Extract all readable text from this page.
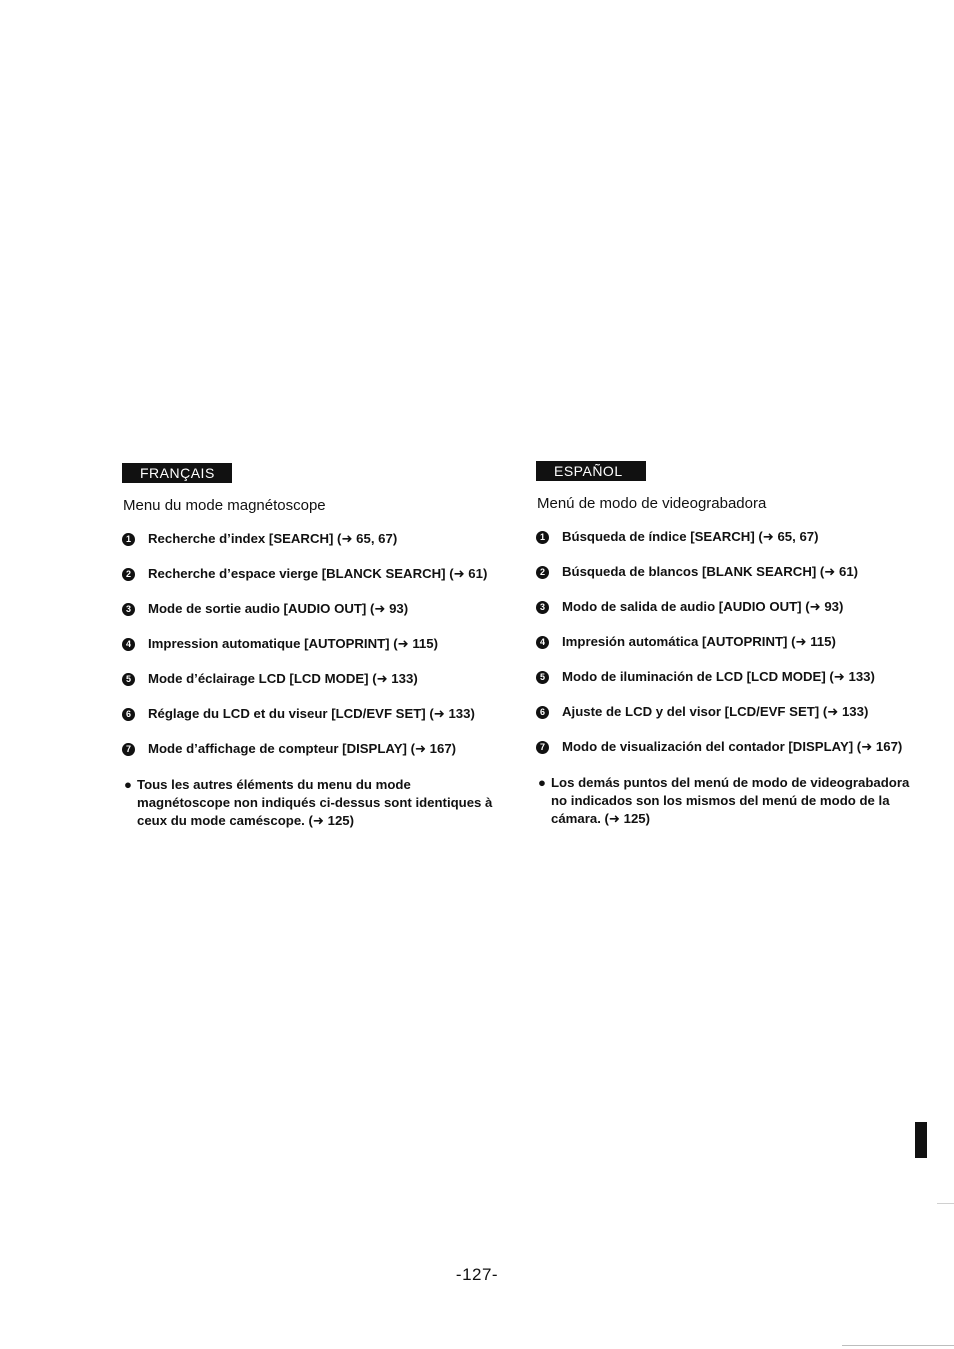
FRANÇAIS
Menu du mode magnétoscope
1	Recherche d’index [SEARCH] (➜ 65, 67)
2	Recherche d’espace vierge [BLANCK SEARCH] (➜ 61)
3	Mode de sortie audio [AUDIO OUT] (➜ 93)
4	Impression automatique [AUTOPRINT] (➜ 115)
5	Mode d’éclairage LCD [LCD MODE] (➜ 133)
6	Réglage du LCD et du viseur [LCD/EVF SET] (➜ 133)
7	Mode d’affichage de compteur [DISPLAY] (➜ 167)

● Tous les autres éléments du menu du mode magnétoscope non indiqués ci-dessus sont identiques à ceux du mode caméscope. (➜ 125)

ESPAÑOL
Menú de modo de videograbadora
1	Búsqueda de índice [SEARCH] (➜ 65, 67)
2	Búsqueda de blancos [BLANK SEARCH] (➜ 61)
3	Modo de salida de audio [AUDIO OUT] (➜ 93)
4	Impresión automática [AUTOPRINT] (➜ 115)
5	Modo de iluminación de LCD [LCD MODE] (➜ 133)
6	Ajuste de LCD y del visor [LCD/EVF SET] (➜ 133)
7	Modo de visualización del contador [DISPLAY] (➜ 167)

● Los demás puntos del menú de modo de videograbadora no indicados son los mismos del menú de modo de la cámara. (➜ 125)

-127-
